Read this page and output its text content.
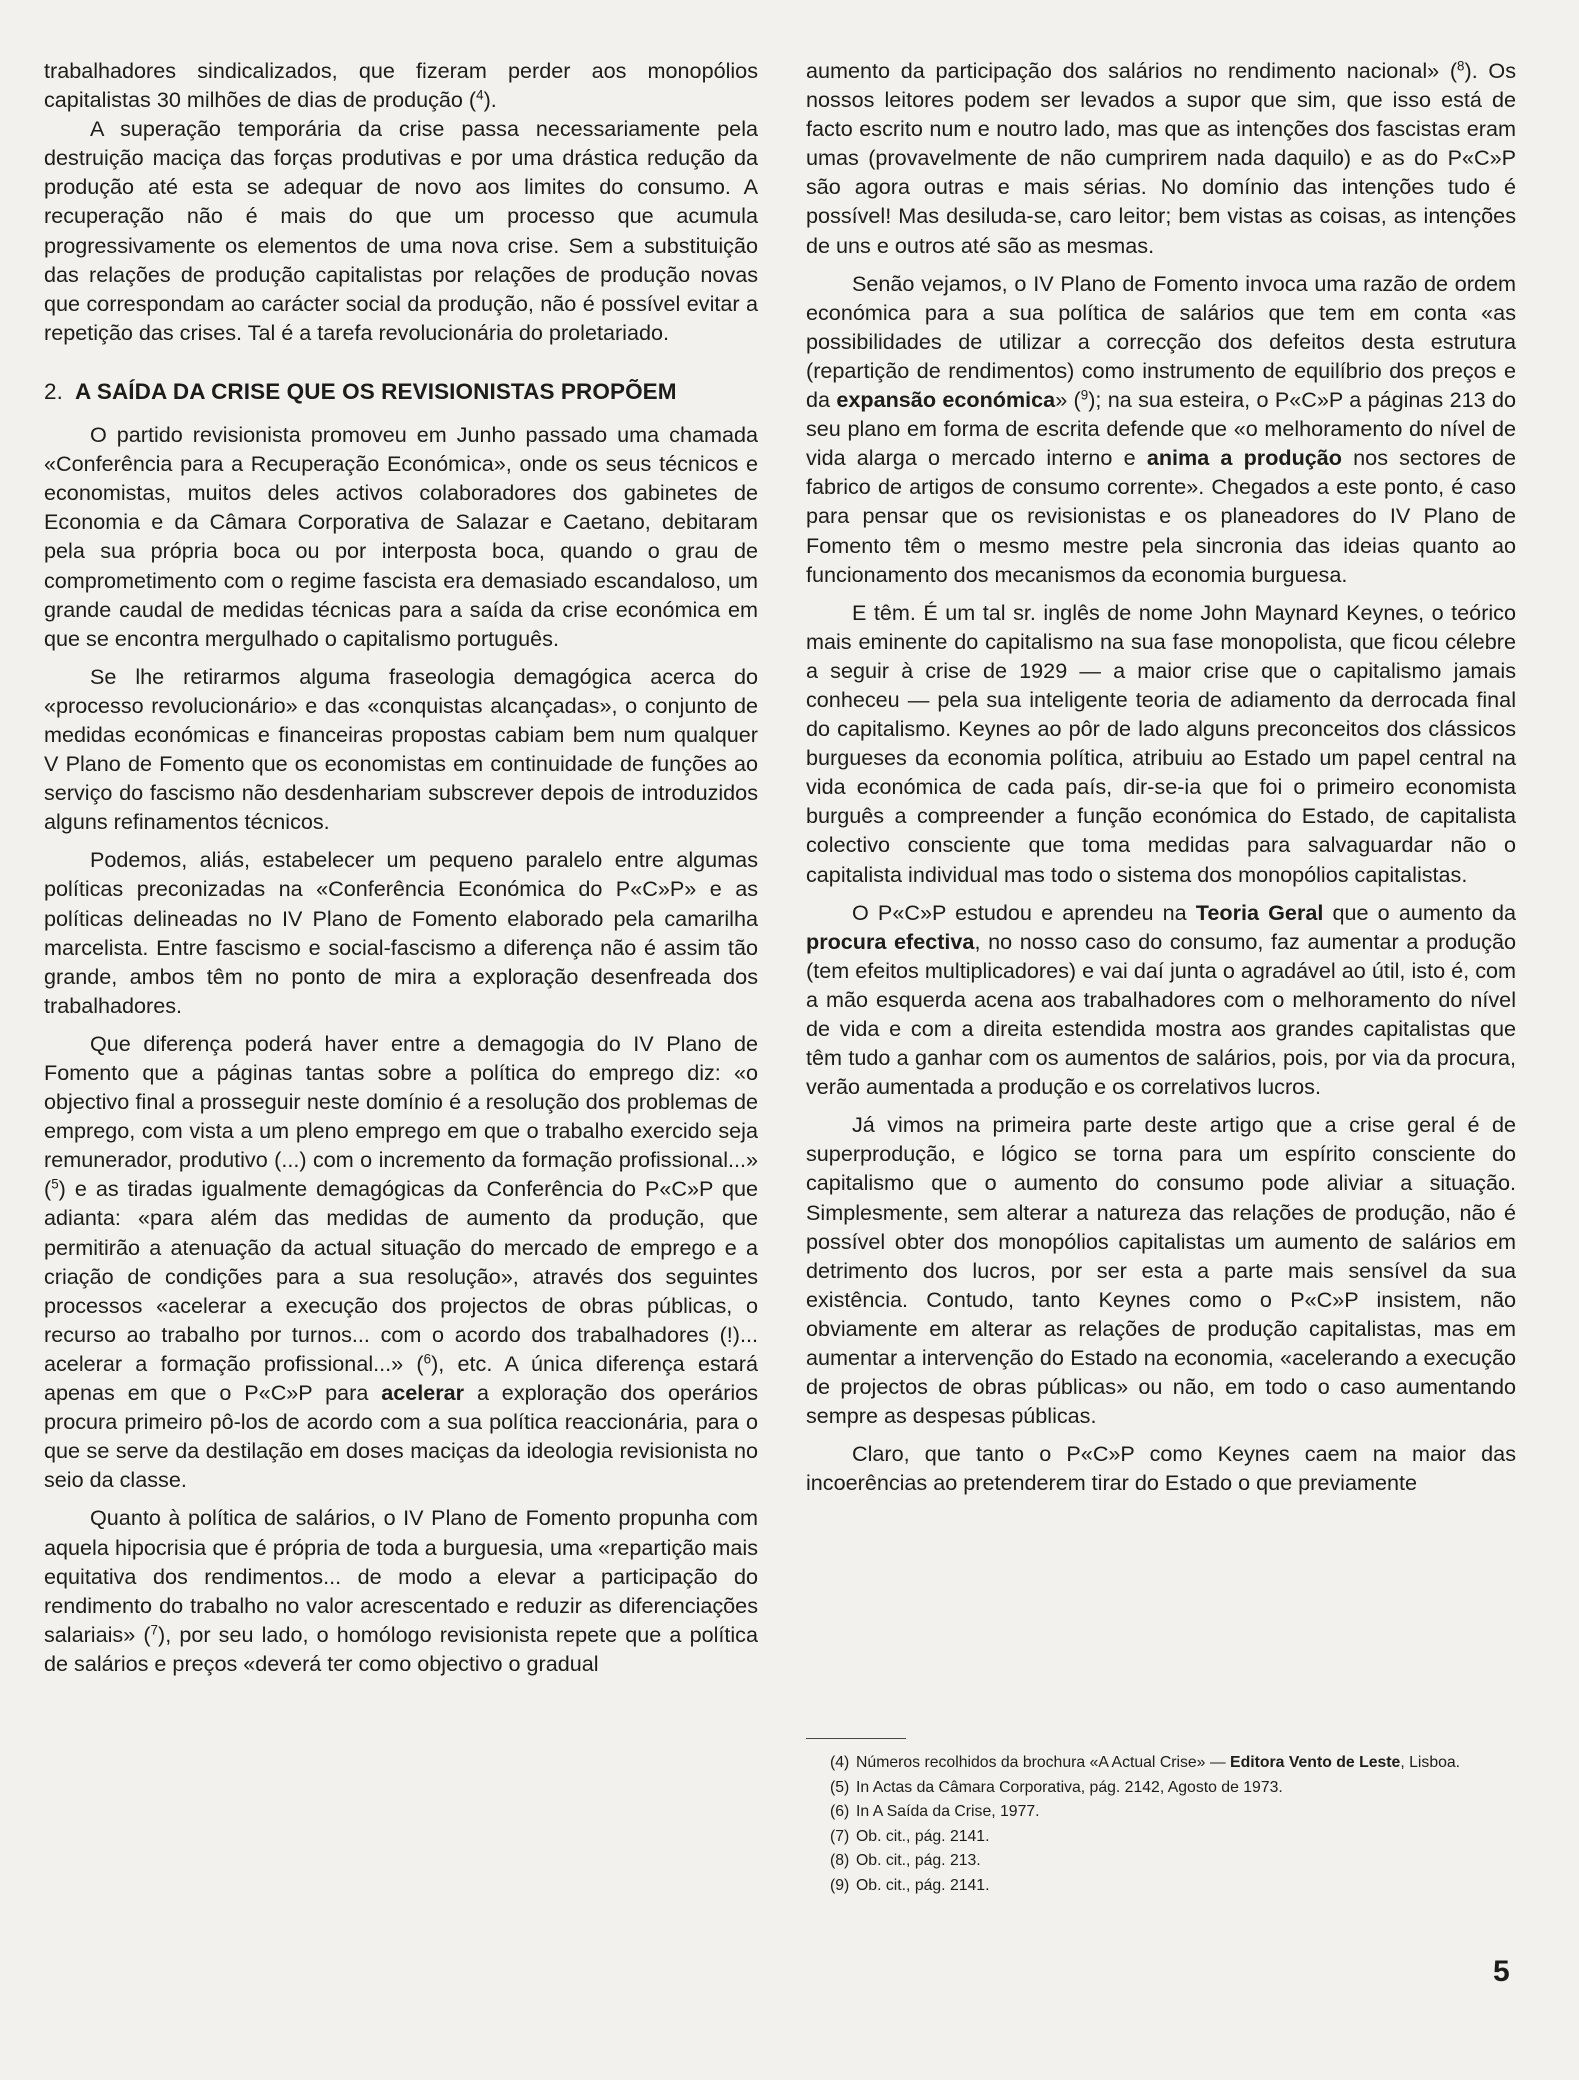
trabalhadores sindicalizados, que fizeram perder aos monopólios capitalistas 30 milhões de dias de produção ($^4$).

A superação temporária da crise passa necessariamente pela destruição maciça das forças produtivas e por uma drástica redução da produção até esta se adequar de novo aos limites do consumo. A recuperação não é mais do que um processo que acumula progressivamente os elementos de uma nova crise. Sem a substituição das relações de produção capitalistas por relações de produção novas que correspondam ao carácter social da produção, não é possível evitar a repetição das crises. Tal é a tarefa revolucionária do proletariado.

2. A SAÍDA DA CRISE QUE OS REVISIONISTAS PROPÕEM

O partido revisionista promoveu em Junho passado uma chamada «Conferência para a Recuperação Económica», onde os seus técnicos e economistas, muitos deles activos colaboradores dos gabinetes de Economia e da Câmara Corporativa de Salazar e Caetano, debitaram pela sua própria boca ou por interposta boca, quando o grau de comprometimento com o regime fascista era demasiado escandaloso, um grande caudal de medidas técnicas para a saída da crise económica em que se encontra mergulhado o capitalismo português.

Se lhe retirarmos alguma fraseologia demagógica acerca do «processo revolucionário» e das «conquistas alcançadas», o conjunto de medidas económicas e financeiras propostas cabiam bem num qualquer V Plano de Fomento que os economistas em continuidade de funções ao serviço do fascismo não desdenhariam subscrever depois de introduzidos alguns refinamentos técnicos.

Podemos, aliás, estabelecer um pequeno paralelo entre algumas políticas preconizadas na «Conferência Económica do P«C»P» e as políticas delineadas no IV Plano de Fomento elaborado pela camarilha marcelista. Entre fascismo e social-fascismo a diferença não é assim tão grande, ambos têm no ponto de mira a exploração desenfreada dos trabalhadores.

Que diferença poderá haver entre a demagogia do IV Plano de Fomento que a páginas tantas sobre a política do emprego diz: «o objectivo final a prosseguir neste domínio é a resolução dos problemas de emprego, com vista a um pleno emprego em que o trabalho exercido seja remunerador, produtivo (...) com o incremento da formação profissional...» ($^5$) e as tiradas igualmente demagógicas da Conferência do P«C»P que adianta: «para além das medidas de aumento da produção, que permitirão a atenuação da actual situação do mercado de emprego e a criação de condições para a sua resolução», através dos seguintes processos «acelerar a execução dos projectos de obras públicas, o recurso ao trabalho por turnos... com o acordo dos trabalhadores (!)... acelerar a formação profissional...» ($^6$), etc. A única diferença estará apenas em que o P«C»P para acelerar a exploração dos operários procura primeiro pô-los de acordo com a sua política reaccionária, para o que se serve da destilação em doses maciças da ideologia revisionista no seio da classe.

Quanto à política de salários, o IV Plano de Fomento propunha com aquela hipocrisia que é própria de toda a burguesia, uma «repartição mais equitativa dos rendimentos... de modo a elevar a participação do rendimento do trabalho no valor acrescentado e reduzir as diferenciações salariais» ($^7$), por seu lado, o homólogo revisionista repete que a política de salários e preços «deverá ter como objectivo o gradual

aumento da participação dos salários no rendimento nacional» ($^8$). Os nossos leitores podem ser levados a supor que sim, que isso está de facto escrito num e noutro lado, mas que as intenções dos fascistas eram umas (provavelmente de não cumprirem nada daquilo) e as do P«C»P são agora outras e mais sérias. No domínio das intenções tudo é possível! Mas desiluda-se, caro leitor; bem vistas as coisas, as intenções de uns e outros até são as mesmas.

Senão vejamos, o IV Plano de Fomento invoca uma razão de ordem económica para a sua política de salários que tem em conta «as possibilidades de utilizar a correcção dos defeitos desta estrutura (repartição de rendimentos) como instrumento de equilíbrio dos preços e da expansão económica» ($^9$); na sua esteira, o P«C»P a páginas 213 do seu plano em forma de escrita defende que «o melhoramento do nível de vida alarga o mercado interno e anima a produção nos sectores de fabrico de artigos de consumo corrente». Chegados a este ponto, é caso para pensar que os revisionistas e os planeadores do IV Plano de Fomento têm o mesmo mestre pela sincronia das ideias quanto ao funcionamento dos mecanismos da economia burguesa.

E têm. É um tal sr. inglês de nome John Maynard Keynes, o teórico mais eminente do capitalismo na sua fase monopolista, que ficou célebre a seguir à crise de 1929 — a maior crise que o capitalismo jamais conheceu — pela sua inteligente teoria de adiamento da derrocada final do capitalismo. Keynes ao pôr de lado alguns preconceitos dos clássicos burgueses da economia política, atribuiu ao Estado um papel central na vida económica de cada país, dir-se-ia que foi o primeiro economista burguês a compreender a função económica do Estado, de capitalista colectivo consciente que toma medidas para salvaguardar não o capitalista individual mas todo o sistema dos monopólios capitalistas.

O P«C»P estudou e aprendeu na Teoria Geral que o aumento da procura efectiva, no nosso caso do consumo, faz aumentar a produção (tem efeitos multiplicadores) e vai daí junta o agradável ao útil, isto é, com a mão esquerda acena aos trabalhadores com o melhoramento do nível de vida e com a direita estendida mostra aos grandes capitalistas que têm tudo a ganhar com os aumentos de salários, pois, por via da procura, verão aumentada a produção e os correlativos lucros.

Já vimos na primeira parte deste artigo que a crise geral é de superprodução, e lógico se torna para um espírito consciente do capitalismo que o aumento do consumo pode aliviar a situação. Simplesmente, sem alterar a natureza das relações de produção, não é possível obter dos monopólios capitalistas um aumento de salários em detrimento dos lucros, por ser esta a parte mais sensível da sua existência. Contudo, tanto Keynes como o P«C»P insistem, não obviamente em alterar as relações de produção capitalistas, mas em aumentar a intervenção do Estado na economia, «acelerando a execução de projectos de obras públicas» ou não, em todo o caso aumentando sempre as despesas públicas.

Claro, que tanto o P«C»P como Keynes caem na maior das incoerências ao pretenderem tirar do Estado o que previamente

(4) Números recolhidos da brochura «A Actual Crise» — Editora Vento de Leste, Lisboa.

(5) In Actas da Câmara Corporativa, pág. 2142, Agosto de 1973.

(6) In A Saída da Crise, 1977.

(7) Ob. cit., pág. 2141.

(8) Ob. cit., pág. 213.

(9) Ob. cit., pág. 2141.

5
